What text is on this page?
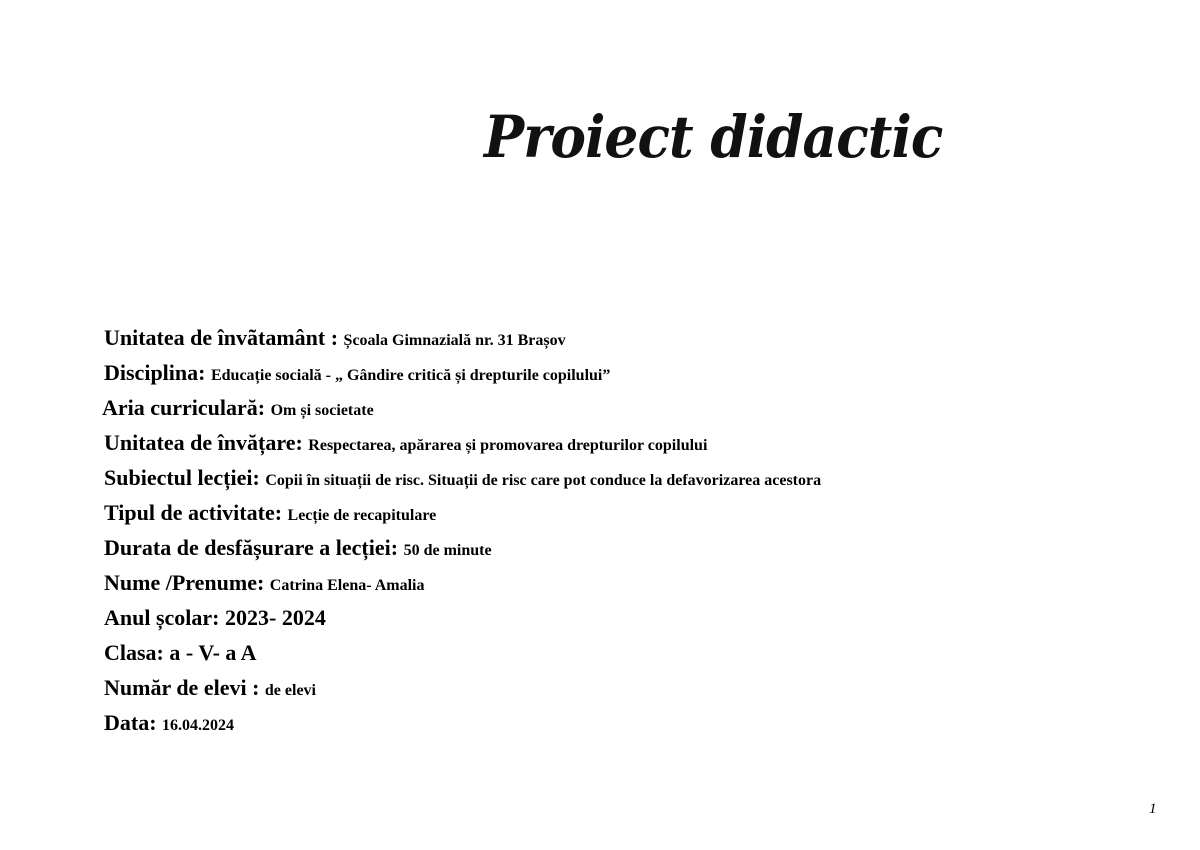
Proiect didactic
Unitatea de învãtamânt : Școala Gimnazială nr. 31 Brașov
Disciplina: Educație socială - „ Gândire critică și drepturile copilului”
Aria curriculară: Om și societate
Unitatea de învățare: Respectarea, apărarea și promovarea drepturilor copilului
Subiectul lecției: Copii în situații de risc. Situații de risc care pot conduce la defavorizarea acestora
Tipul de activitate: Lecție de recapitulare
Durata de desfășurare a lecției: 50 de minute
Nume /Prenume: Catrina Elena- Amalia
Anul școlar: 2023- 2024
Clasa: a - V- a A
Număr de elevi : de elevi
Data: 16.04.2024
1
